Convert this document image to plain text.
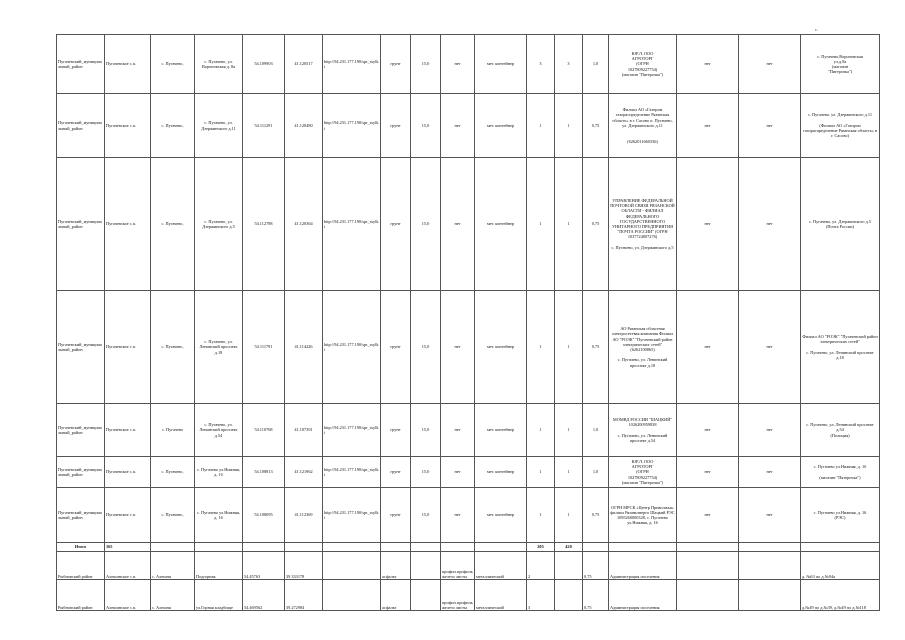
Пугачевский_муниципальный_район	Пугачевское с.п.	с. Пугачево,	с. Пугачево, ул. Вороновская д. 8а	54.109903	41.120517	http://94.231.177.190/spr_ssylki	грунт	15,0	нет	мет. контейнер	3	3	1,0	ЮР.Л. ООО
АГРОТОРГ
(ОГРН
1027809227754)
(магазин "Пятерочка")	нет	нет	с. Пугачево,Вороновская
ул.д.8а
(магазин
"Пятерочка")
Пугачевский_муниципальный_район	Пугачевское с.п.	с. Пугачево,	с. Пугачево, ул. Дзержинского д.11	54.111291	41.120480	http://94.231.177.190/spr_ssylki	грунт	15,0	нет	мет. контейнер	1	1	0,75	Филиал АО «Газпром газораспределение Рязанская область» в г. Сасово п. Пугачево, ул. Дзержинского д.11

(6262011660336)	нет	нет	с. Пугачево, ул. Дзержинского д.11

(Филиал АО «Газпром газораспределение Рязанская область» в г. Сасово)
Пугачевский_муниципальный_район	Пугачевское с.п.	с. Пугачево,	с. Пугачево, ул. Дзержинского д.5	54.112788	41.120364	http://94.231.177.190/spr_ssylki	грунт	15,0	нет	мет. контейнер	1	1	0,75	УПРАВЛЕНИЕ ФЕДЕРАЛЬНОЙ ПОЧТОВОЙ СВЯЗИ РЯЗАНСКОЙ ОБЛАСТИ - ФИЛИАЛ ФЕДЕРАЛЬНОГО ГОСУДАРСТВЕННОГО УНИТАРНОГО ПРЕДПРИЯТИЯ "ПОЧТА РОССИИ" (ОГРН 1037724007276)

с. Пугачево, ул. Дзержинского д.5	нет	нет	с. Пугачево, ул. Дзержинского д.5
(Почта России)
Пугачевский_муниципальный_район	Пугачевское с.п.	с. Пугачево,	с. Пугачево, ул. Ленинский проспект д.18	54.111791	41.114226	http://94.231.177.190/spr_ssylki	грунт	15,0	нет	мет. контейнер	1	1	0,75	АО Рязанская областная электросетевая компания Филиал АО "РОЭК" "Пугачевский район электрических сетей" (6262100865)

с. Пугачево, ул. Ленинский проспект д.18	нет	нет	Филиал АО "РОЭК" "Пугачевский район электрических сетей"

с. Пугачево, ул. Ленинский проспект д.18
Пугачевский_муниципальный_район	Пугачевское с.п.	с. Пугачево	с. Пугачево, ул. Ленинский проспект д.54	54.110768	41.107391	http://94.231.177.190/spr_ssylki	грунт	15,0	нет	мет. контейнер	1	1	1,0	МОМВД РОССИИ "ШАЦКИЙ"
1026200959838

с. Пугачево, ул. Ленинский проспект д.54	нет	нет	с. Пугачево, ул. Ленинский проспект д.54
(Полиция)
Пугачевский_муниципальный_район	Пугачевское с.п.	с. Пугачево,	с. Пугачево ул.Нижняя, д. 1б	54.108813	41.121962	http://94.231.177.190/spr_ssylki	грунт	15,0	нет	мет. контейнер	1	1	1,0	ЮР.Л. ООО
АГРОТОРГ
(ОГРН
1027809227754)
(магазин "Пятерочка")	нет	нет	с. Пугачево ул.Нижняя, д. 1б

(магазин "Пятерочка")
Пугачевский_муниципальный_район	Пугачевское с.п.	с. Пугачево,	с. Пугачево ул.Нижняя, д. 16	54.108095	41.112369	http://94.231.177.190/spr_ssylki	грунт	15,0	нет	мет. контейнер	1	1	0,75	ОГРН МРСК «Центр Приволжья» филиал Рязаньэнерго Шацкий РЭС 1095260000328, с. Пугачево ул.Нижняя, д. 16	нет	нет	с. Пугачево ул.Нижняя, д. 16
(РЭС)
Итого	165										205	420					
Рыбновский район	Алешинское с.п.	с. Алешня	Подгорная	54.45763	39.333178		асфальт		профил.профиль железо листы	металлический	2		0,75	Администрация поселения			д. №63 по д.№94а
Рыбновский район	Алешинское с.п.	с. Алешня	ул.Горная кладбище	54.469562	39.272984		асфальт		профил.профиль железо листы	металлический	3		0,75	Администрация поселения			д.№49 по д.№39, д.№49 по д.№118
с.
